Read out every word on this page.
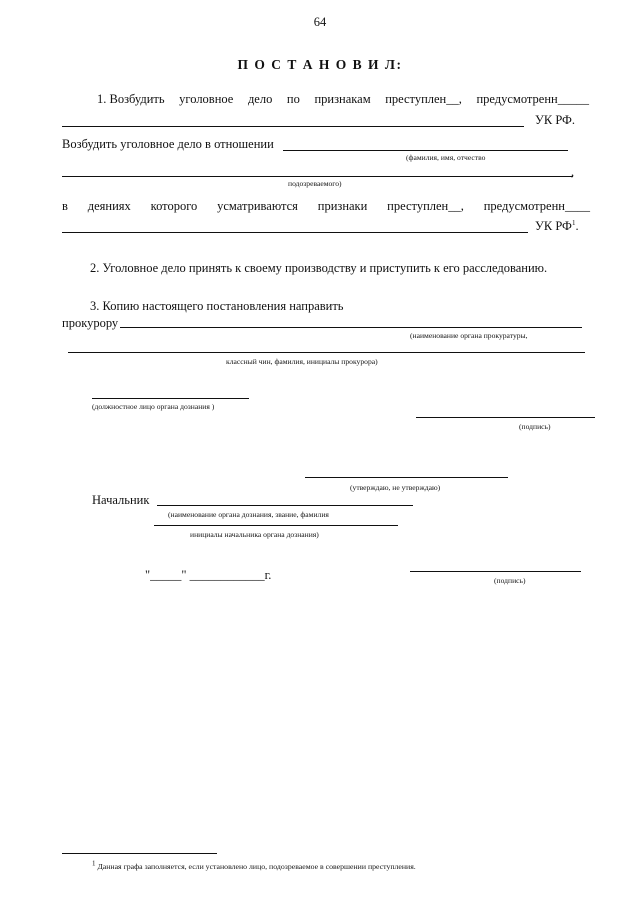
64
П О С Т А Н О В И Л:
1. Возбудить уголовное дело по признакам преступлен__, предусмотренн_____
УК РФ.
Возбудить уголовное дело в отношении
(фамилия, имя, отчество
,
подозреваемого)
в деяниях которого усматриваются признаки преступлен__, предусмотренн____
УК $РФ^1$.
2. Уголовное дело принять к своему производству и приступить к его расследованию.
3. Копию настоящего постановления направить
прокурору
(наименование органа прокуратуры,
классный чин, фамилия, инициалы прокурора)
(должностное лицо органа дознания )
(подпись)
(утверждаю, не утверждаю)
Начальник
(наименование органа дознания, звание, фамилия
инициалы начальника органа дознания)
"_____" ____________г.	(подпись)
$^1$ Данная графа заполняется, если установлено лицо, подозреваемое в совершении преступления.
